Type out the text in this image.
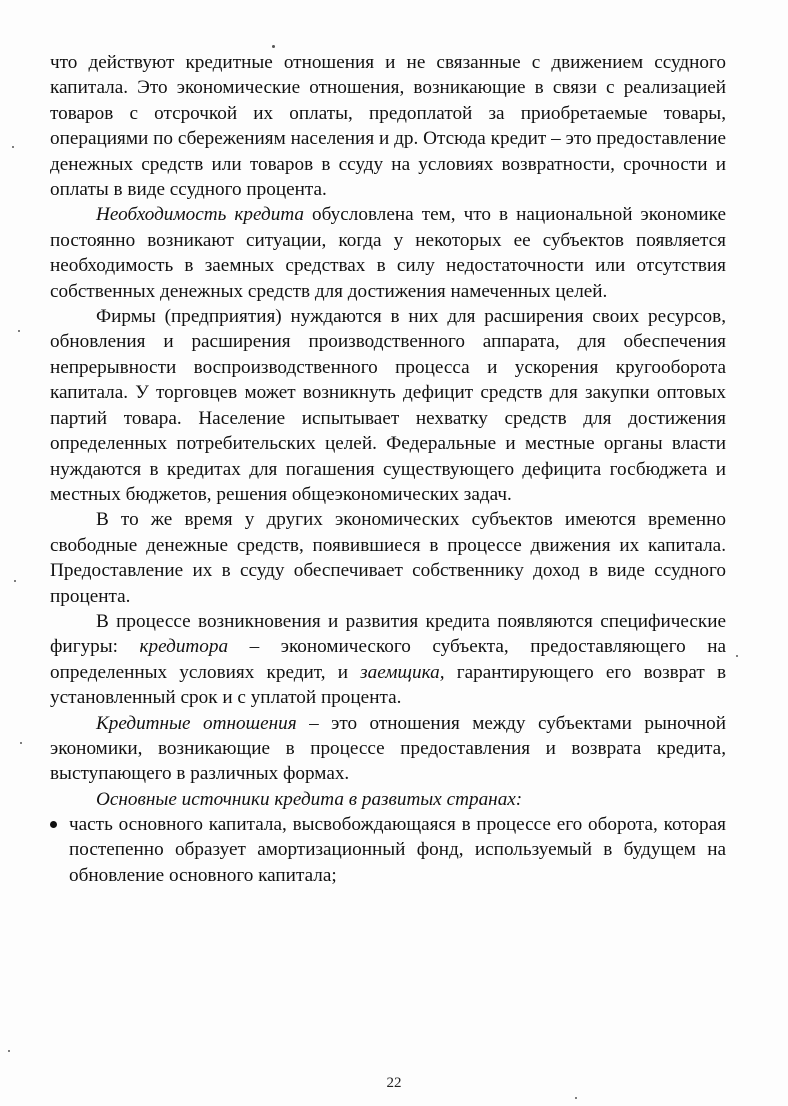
что действуют кредитные отношения и не связанные с движением ссудного капитала. Это экономические отношения, возникающие в связи с реализацией товаров с отсрочкой их оплаты, предоплатой за приобретаемые товары, операциями по сбережениям населения и др. Отсюда кредит – это предоставление денежных средств или товаров в ссуду на условиях возвратности, срочности и оплаты в виде ссудного процента.

Необходимость кредита обусловлена тем, что в национальной экономике постоянно возникают ситуации, когда у некоторых ее субъектов появляется необходимость в заемных средствах в силу недостаточности или отсутствия собственных денежных средств для достижения намеченных целей.

Фирмы (предприятия) нуждаются в них для расширения своих ресурсов, обновления и расширения производственного аппарата, для обеспечения непрерывности воспроизводственного процесса и ускорения кругооборота капитала. У торговцев может возникнуть дефицит средств для закупки оптовых партий товара. Население испытывает нехватку средств для достижения определенных потребительских целей. Федеральные и местные органы власти нуждаются в кредитах для погашения существующего дефицита госбюджета и местных бюджетов, решения общеэкономических задач.

В то же время у других экономических субъектов имеются временно свободные денежные средств, появившиеся в процессе движения их капитала. Предоставление их в ссуду обеспечивает собственнику доход в виде ссудного процента.

В процессе возникновения и развития кредита появляются специфические фигуры: кредитора – экономического субъекта, предоставляющего на определенных условиях кредит, и заемщика, гарантирующего его возврат в установленный срок и с уплатой процента.

Кредитные отношения – это отношения между субъектами рыночной экономики, возникающие в процессе предоставления и возврата кредита, выступающего в различных формах.

Основные источники кредита в развитых странах:

часть основного капитала, высвобождающаяся в процессе его оборота, которая постепенно образует амортизационный фонд, используемый в будущем на обновление основного капитала;
22
